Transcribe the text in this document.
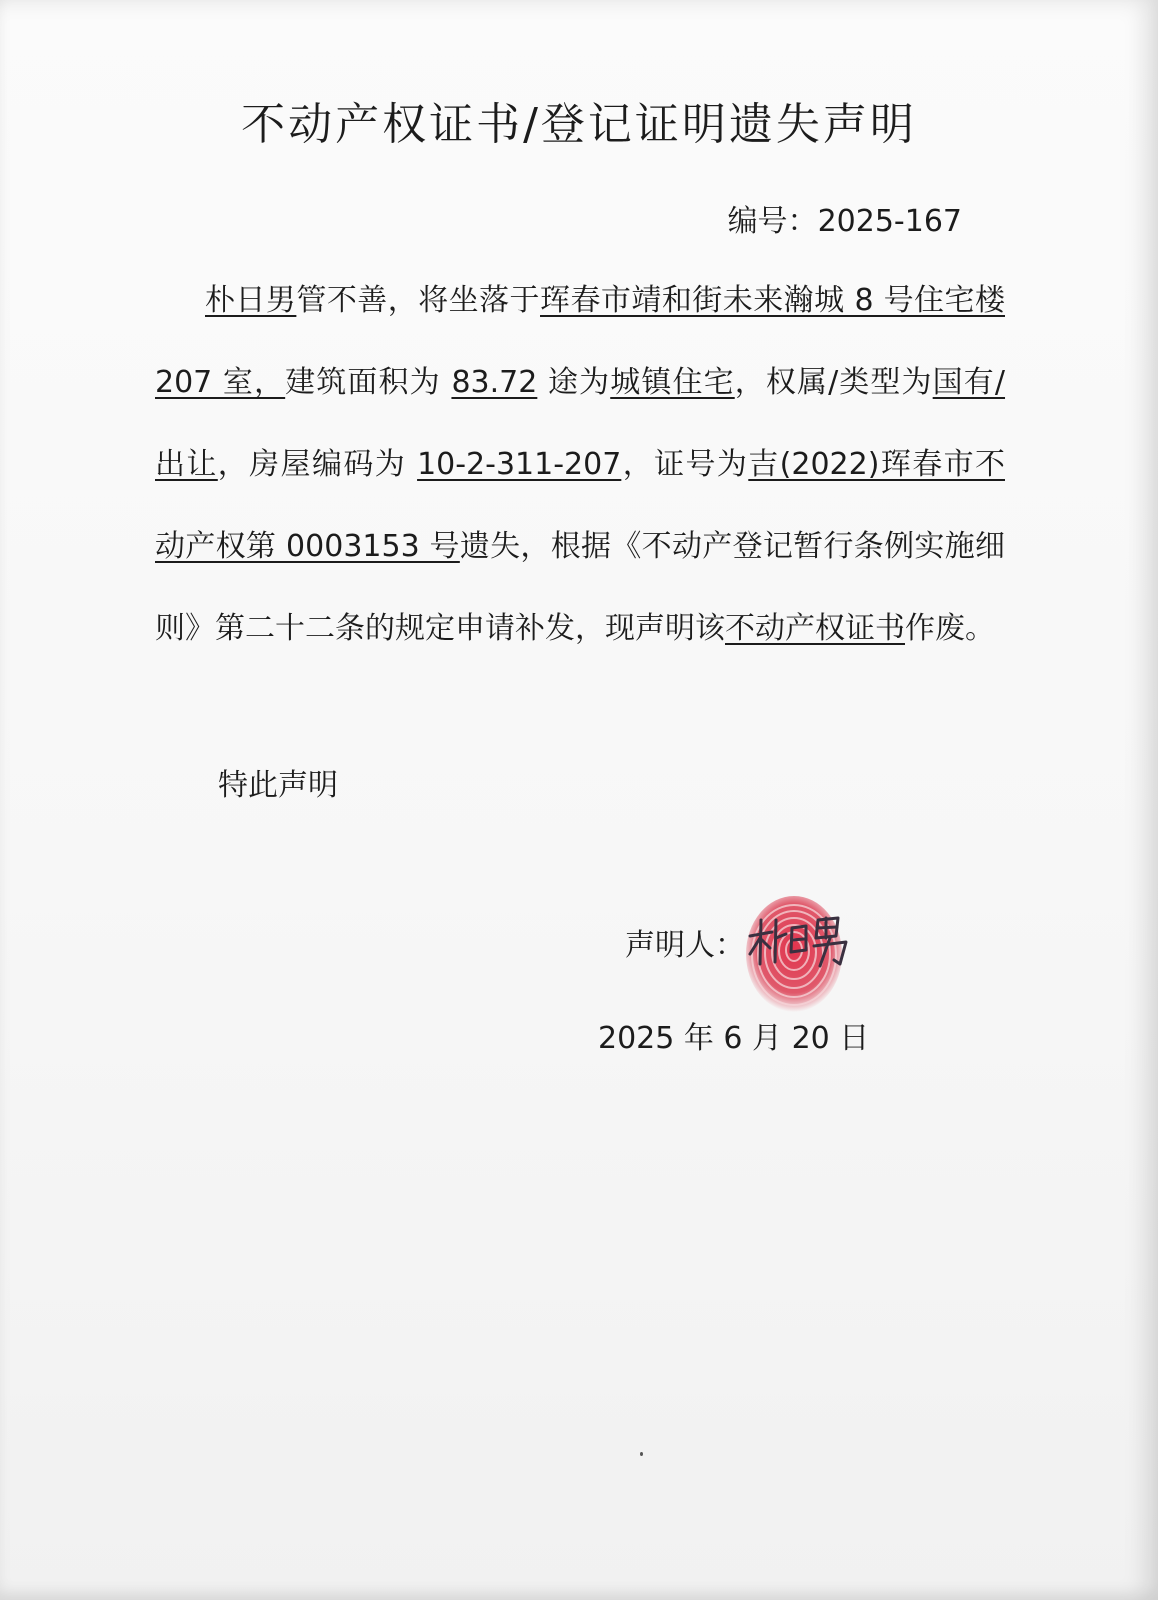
不动产权证书/登记证明遗失声明
编号：2025-167

朴日男管不善，将坐落于珲春市靖和街未来瀚城 8 号住宅楼 207 室，建筑面积为 83.72 途为城镇住宅，权属/类型为国有/出让，房屋编码为 10-2-311-207，证号为吉(2022)珲春市不动产权第 0003153 号遗失，根据《不动产登记暂行条例实施细则》第二十二条的规定申请补发，现声明该不动产权证书作废。

特此声明
声明人：
2025 年 6 月 20 日
